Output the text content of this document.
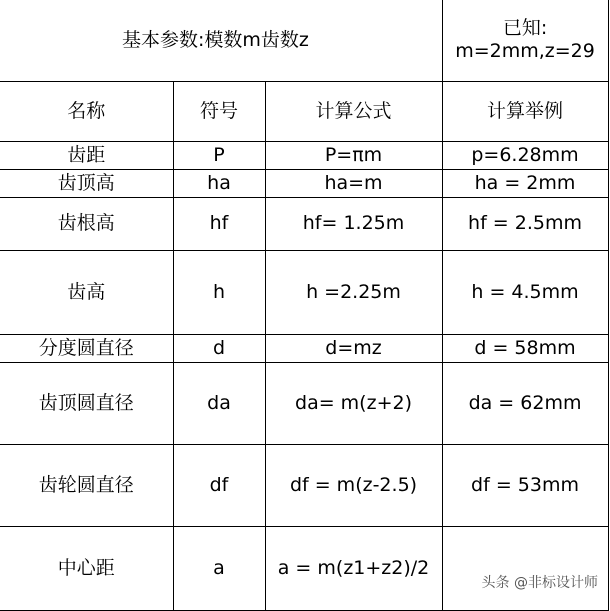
基本参数:模数m齿数z			已知:
m=2mm,z=29

名称	符号	计算公式	计算举例
齿距	P	P=πm	p=6.28mm
齿顶高	ha	ha=m	ha = 2mm
齿根高	hf	hf= 1.25m	hf = 2.5mm
齿高	h	h =2.25m	h = 4.5mm
分度圆直径	d	d=mz	d = 58mm
齿顶圆直径	da	da= m(z+2)	da = 62mm
齿轮圆直径	df	df = m(z-2.5)	df = 53mm
中心距	a	a = m(z1+z2)/2	
头条 @非标设计师
